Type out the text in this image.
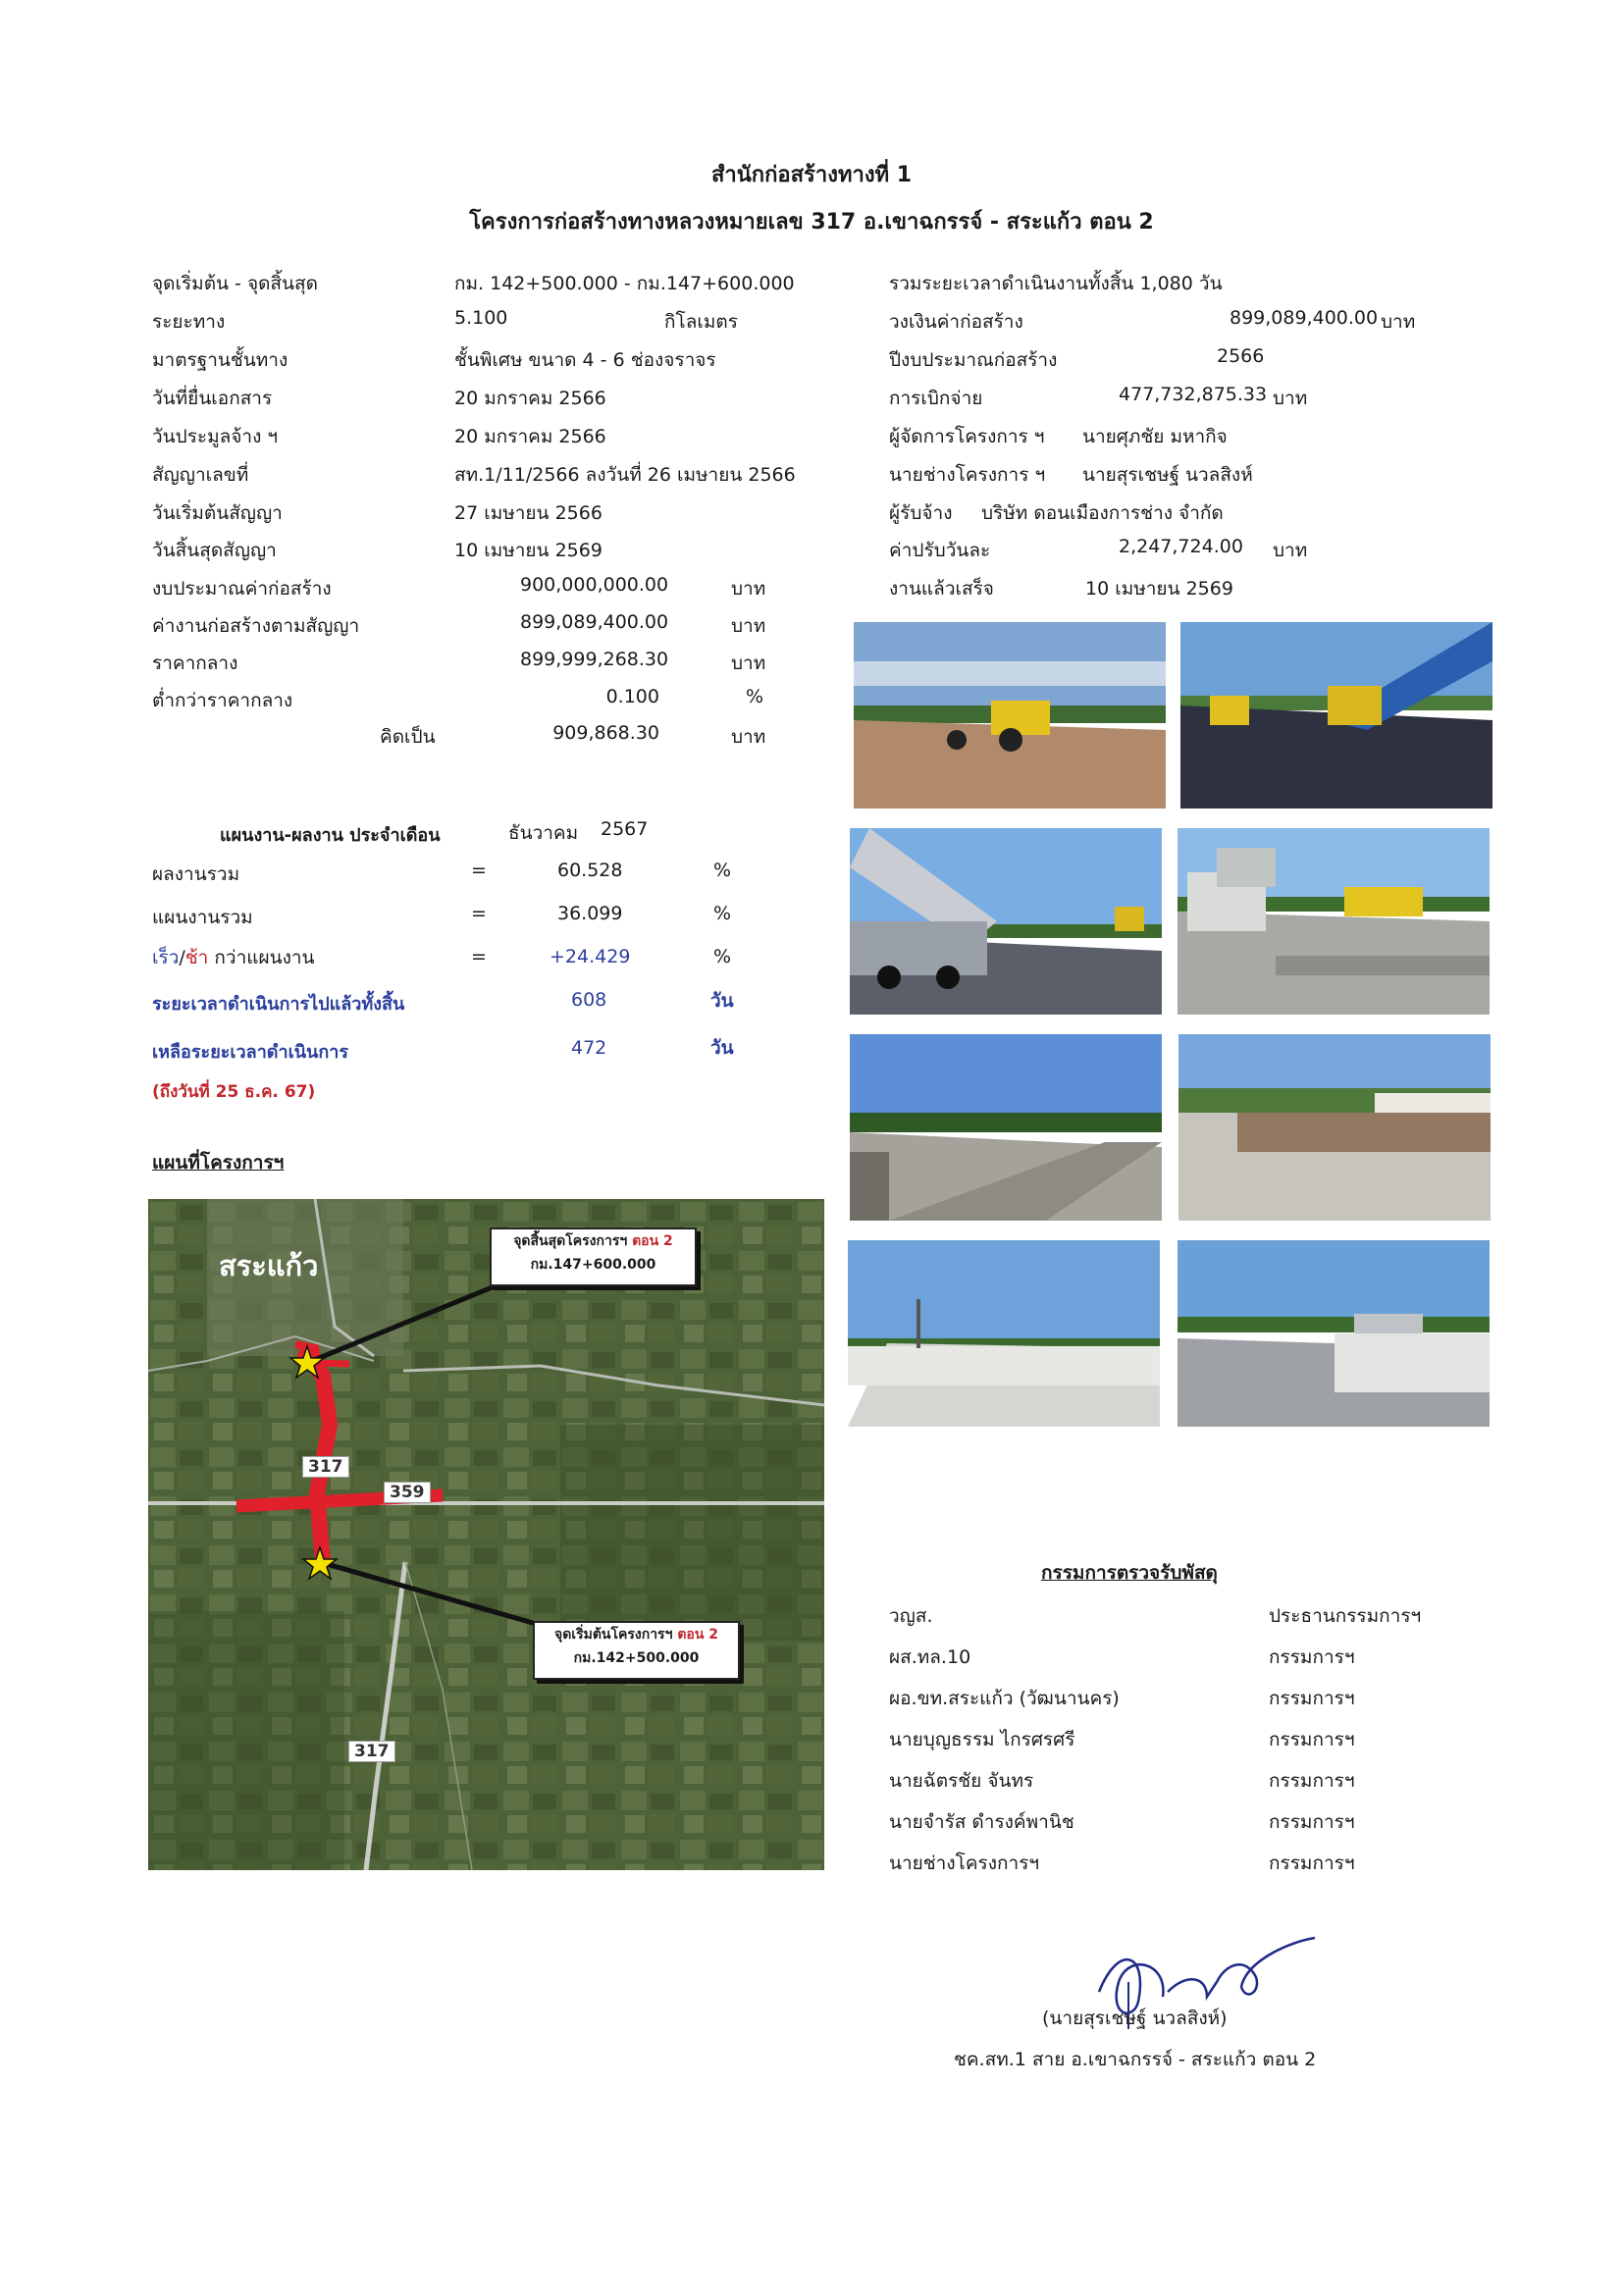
สำนักก่อสร้างทางที่ 1
โครงการก่อสร้างทางหลวงหมายเลข 317 อ.เขาฉกรรจ์ - สระแก้ว ตอน 2
จุดเริ่มต้น - จุดสิ้นสุด	กม. 142+500.000 - กม.147+600.000
ระยะทาง	5.100	กิโลเมตร
มาตรฐานชั้นทาง	ชั้นพิเศษ ขนาด 4 - 6 ช่องจราจร
วันที่ยื่นเอกสาร	20 มกราคม 2566
วันประมูลจ้าง ฯ	20 มกราคม 2566
สัญญาเลขที่	สท.1/11/2566 ลงวันที่ 26 เมษายน 2566
วันเริ่มต้นสัญญา	27 เมษายน 2566
วันสิ้นสุดสัญญา	10 เมษายน 2569
งบประมาณค่าก่อสร้าง	900,000,000.00	บาท
ค่างานก่อสร้างตามสัญญา	899,089,400.00	บาท
ราคากลาง	899,999,268.30	บาท
ต่ำกว่าราคากลาง	0.100	%
คิดเป็น	909,868.30	บาท
รวมระยะเวลาดำเนินงานทั้งสิ้น 1,080 วัน
วงเงินค่าก่อสร้าง	899,089,400.00 บาท
ปีงบประมาณก่อสร้าง	2566
การเบิกจ่าย	477,732,875.33 บาท
ผู้จัดการโครงการ ฯ นายศุภชัย มหากิจ
นายช่างโครงการ ฯ นายสุรเชษฐ์ นวลสิงห์
ผู้รับจ้าง บริษัท ดอนเมืองการช่าง จำกัด
ค่าปรับวันละ	2,247,724.00 บาท
งานแล้วเสร็จ	10 เมษายน 2569
แผนงาน-ผลงาน ประจำเดือน	ธันวาคม 2567
ผลงานรวม	=	60.528	%
แผนงานรวม	=	36.099	%
เร็ว/ช้า กว่าแผนงาน	=	+24.429	%
ระยะเวลาดำเนินการไปแล้วทั้งสิ้น	608	วัน
เหลือระยะเวลาดำเนินการ	472	วัน
(ถึงวันที่ 25 ธ.ค. 67)
แผนที่โครงการฯ
สระแก้ว
317
359
317
จุดสิ้นสุดโครงการฯ ตอน 2
กม.147+600.000
จุดเริ่มต้นโครงการฯ ตอน 2
กม.142+500.000
กรรมการตรวจรับพัสดุ
วญส.	ประธานกรรมการฯ
ผส.ทล.10	กรรมการฯ
ผอ.ขท.สระแก้ว (วัฒนานคร)	กรรมการฯ
นายบุญธรรม ไกรศรศรี	กรรมการฯ
นายฉัตรชัย จันทร	กรรมการฯ
นายจำรัส ดำรงค์พานิช	กรรมการฯ
นายช่างโครงการฯ	กรรมการฯ
(นายสุรเชษฐ์ นวลสิงห์)
ชค.สท.1 สาย อ.เขาฉกรรจ์ - สระแก้ว ตอน 2
